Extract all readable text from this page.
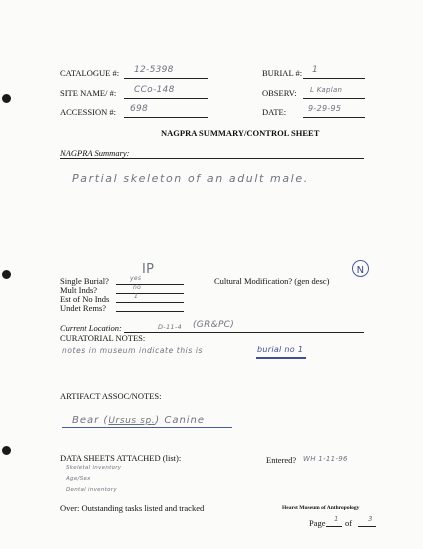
CATALOGUE #: 12-5398	BURIAL #: 1
SITE NAME/ #: CCo-148	OBSERV: L Kaplan
ACCESSION #: 698	DATE:	9-29-95
NAGPRA SUMMARY/CONTROL SHEET
NAGPRA Summary:
Partial skeleton of an adult male.
IP
Single Burial?	yes
Mult Inds?	no
Est of No Inds	1
Undet Rems?
Cultural Modification? (gen desc)
N
Current Location:	D-11-4 (GR&PC)
CURATORIAL NOTES:
notes in museum indicate this is	burial no 1
ARTIFACT ASSOC/NOTES:
Bear (Ursus sp.) Canine
DATA SHEETS ATTACHED (list):
Skeletal inventory
Age/Sex
Dental inventory
Entered? WH 1-11-96
Over: Outstanding tasks listed and tracked	Hearst Museum of Anthropology
Page 1 of 3
